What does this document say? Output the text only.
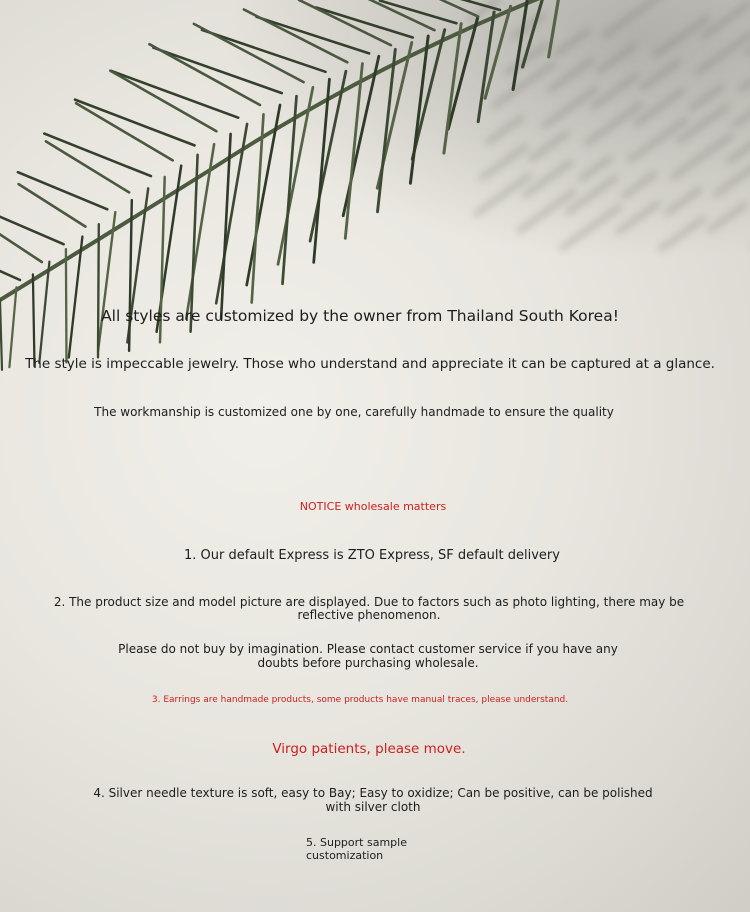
All styles are customized by the owner from Thailand South Korea!

The style is impeccable jewelry. Those who understand and appreciate it can be captured at a glance.

The workmanship is customized one by one, carefully handmade to ensure the quality

NOTICE wholesale matters

1. Our default Express is ZTO Express, SF default delivery

2. The product size and model picture are displayed. Due to factors such as photo lighting, there may be

reflective phenomenon.

Please do not buy by imagination. Please contact customer service if you have any

doubts before purchasing wholesale.

3. Earrings are handmade products, some products have manual traces, please understand.

Virgo patients, please move.

4. Silver needle texture is soft, easy to Bay; Easy to oxidize; Can be positive, can be polished

with silver cloth

5. Support sample

customization
